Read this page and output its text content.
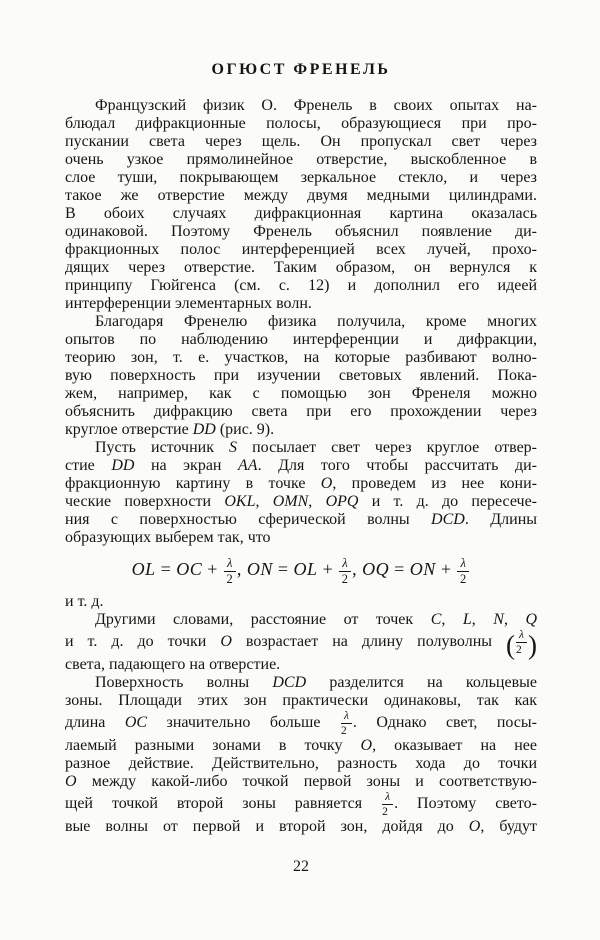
ОГЮСТ ФРЕНЕЛЬ
Французский физик О. Френель в своих опытах на-
блюдал дифракционные полосы, образующиеся при про-
пускании света через щель. Он пропускал свет через
очень узкое прямолинейное отверстие, выскобленное в
слое туши, покрывающем зеркальное стекло, и через
такое же отверстие между двумя медными цилиндрами.
В обоих случаях дифракционная картина оказалась
одинаковой. Поэтому Френель объяснил появление ди-
фракционных полос интерференцией всех лучей, прохо-
дящих через отверстие. Таким образом, он вернулся к
принципу Гюйгенса (см. с. 12) и дополнил его идеей
интерференции элементарных волн.
Благодаря Френелю физика получила, кроме многих
опытов по наблюдению интерференции и дифракции,
теорию зон, т. е. участков, на которые разбивают волно-
вую поверхность при изучении световых явлений. Пока-
жем, например, как с помощью зон Френеля можно
объяснить дифракцию света при его прохождении через
круглое отверстие DD (рис. 9).
Пусть источник S посылает свет через круглое отвер-
стие DD на экран AA. Для того чтобы рассчитать ди-
фракционную картину в точке O, проведем из нее кони-
ческие поверхности OKL, OMN, OPQ и т. д. до пересече-
ния с поверхностью сферической волны DCD. Длины
образующих выберем так, что
OL = OC + $\frac{\lambda}{2}$ , ON = OL + $\frac{\lambda}{2}$ , OQ = ON + $\frac{\lambda}{2}$
и т. д.
Другими словами, расстояние от точек C, L, N, Q
и т. д. до точки O возрастает на длину полуволны ( $\frac{\lambda}{2}$ )
света, падающего на отверстие.
Поверхность волны DCD разделится на кольцевые
зоны. Площади этих зон практически одинаковы, так как
длина OC значительно больше $\frac{\lambda}{2}$ . Однако свет, посы-
лаемый разными зонами в точку O, оказывает на нее
разное действие. Действительно, разность хода до точки
O между какой-либо точкой первой зоны и соответствую-
щей точкой второй зоны равняется $\frac{\lambda}{2}$ . Поэтому свето-
вые волны от первой и второй зон, дойдя до O, будут
22
